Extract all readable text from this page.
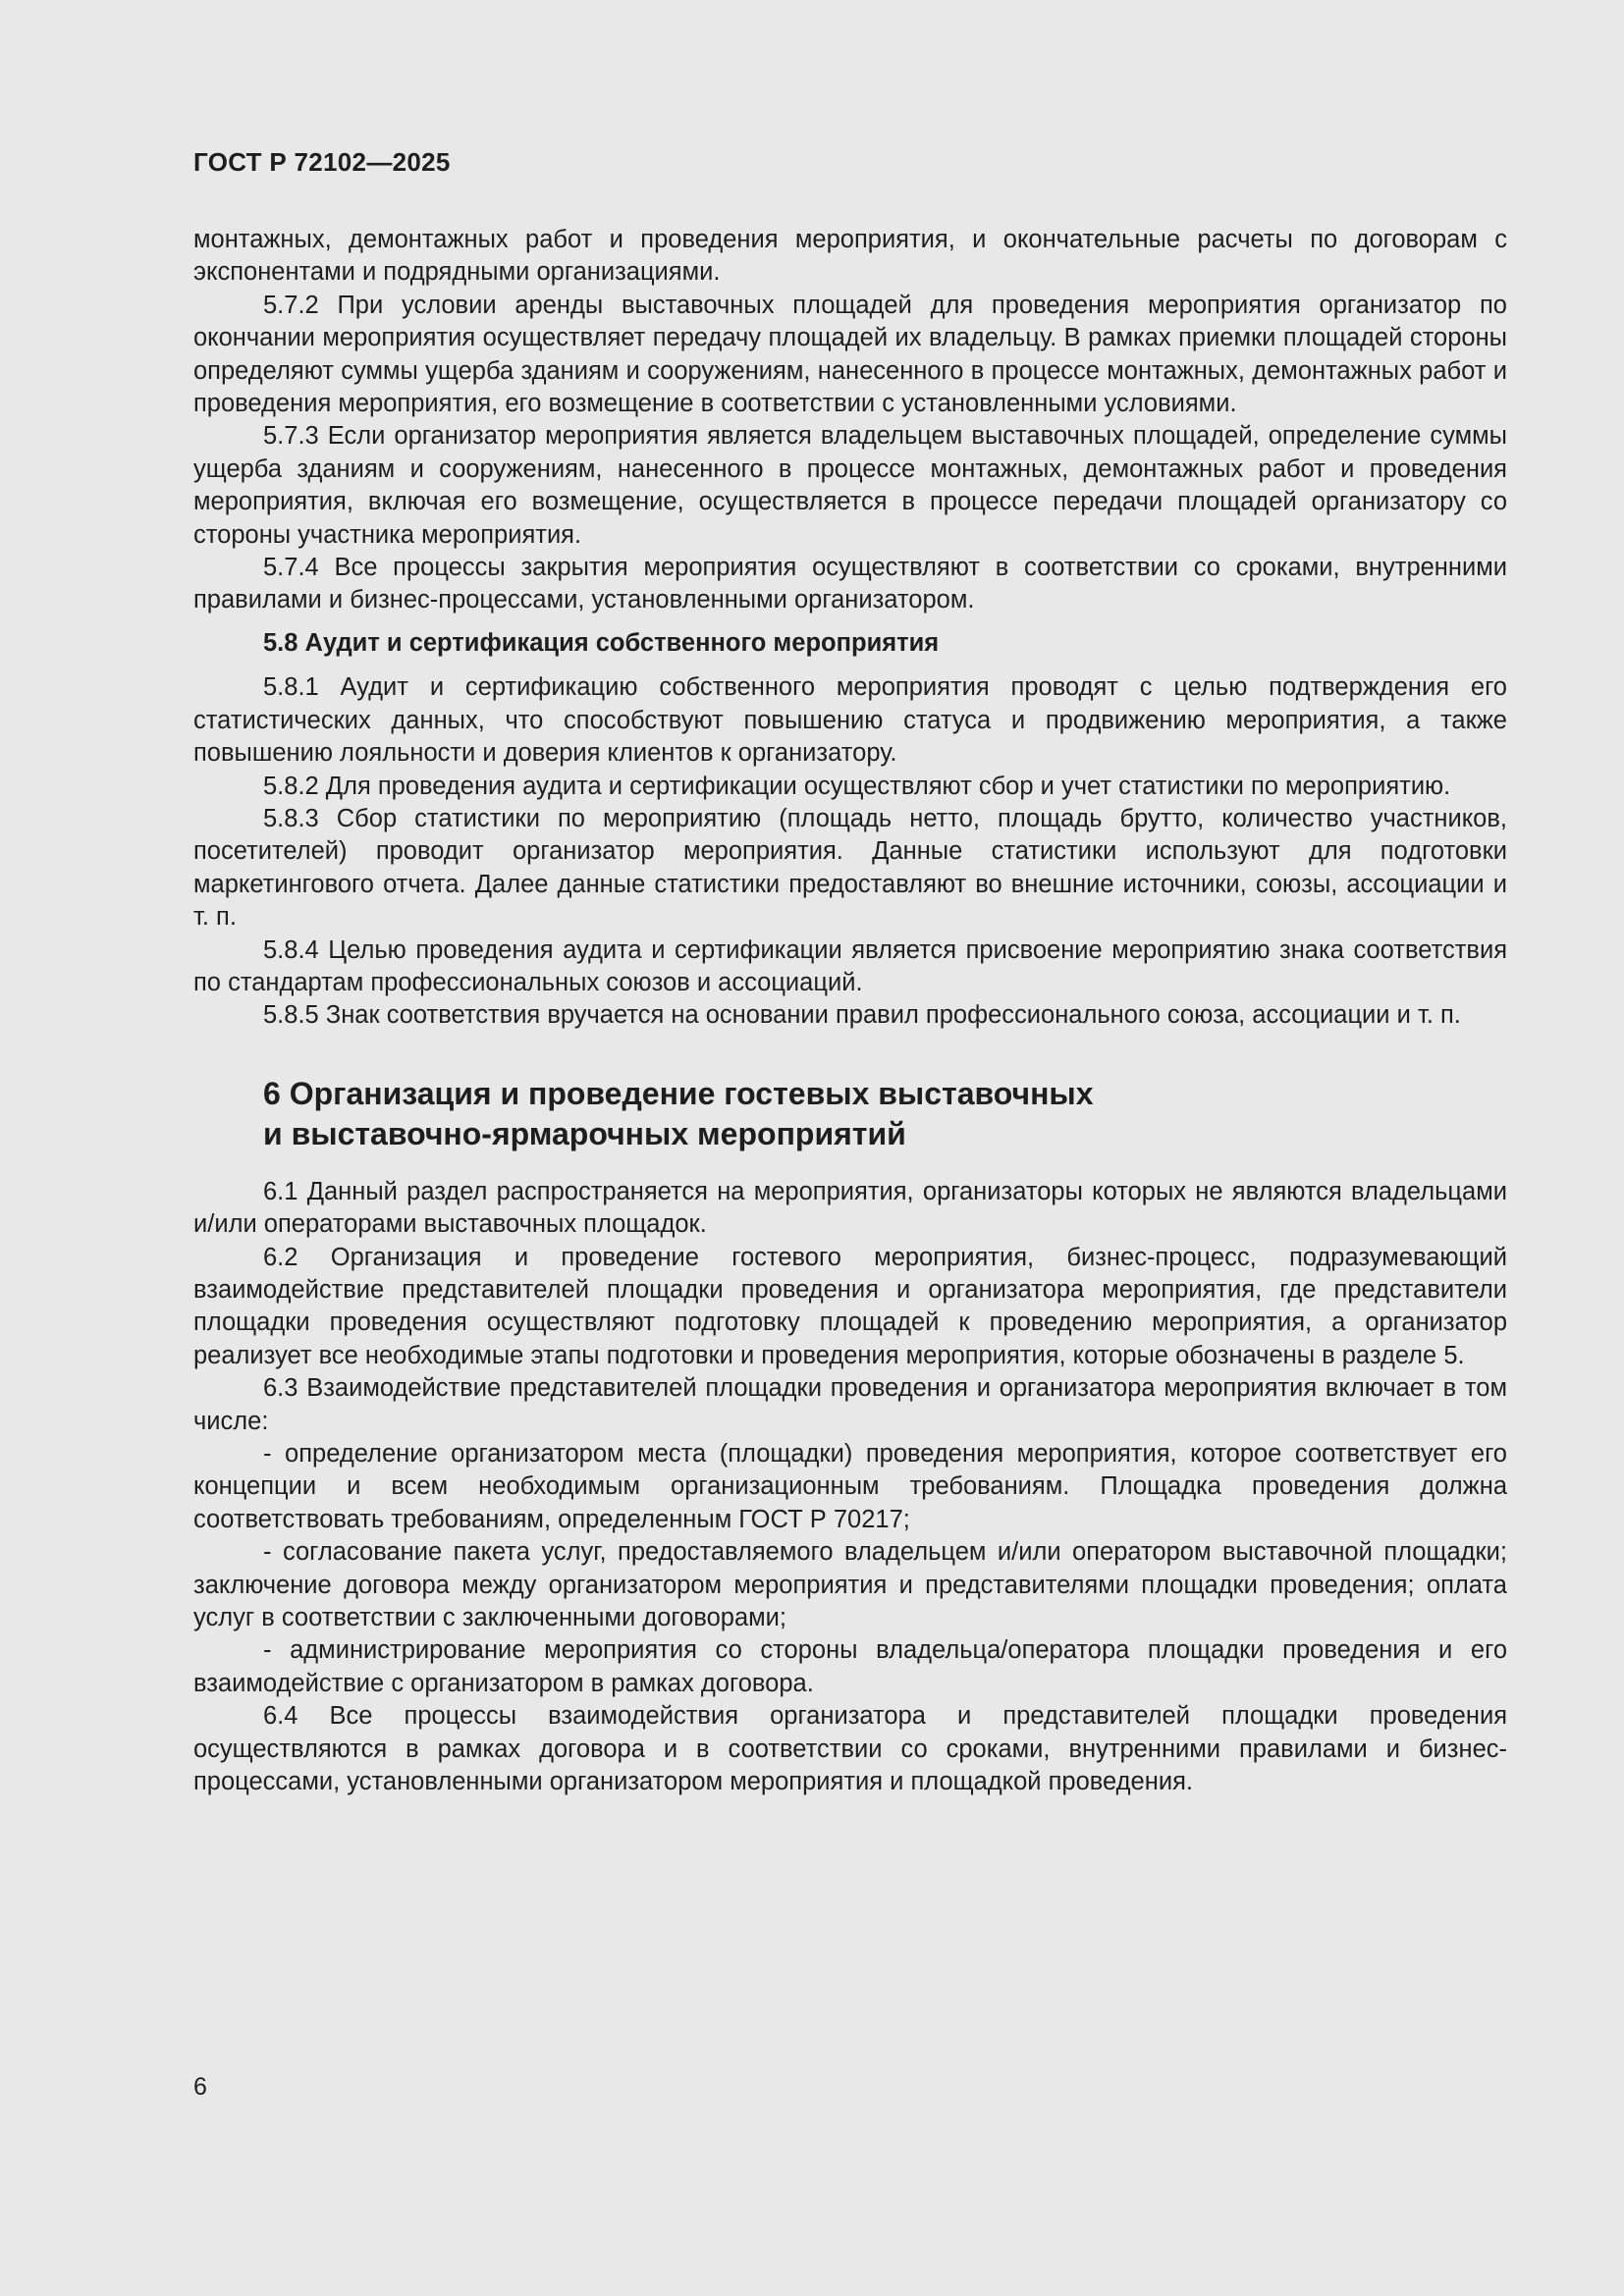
ГОСТ Р 72102—2025

монтажных, демонтажных работ и проведения мероприятия, и окончательные расчеты по договорам с экспонентами и подрядными организациями.

5.7.2 При условии аренды выставочных площадей для проведения мероприятия организатор по окончании мероприятия осуществляет передачу площадей их владельцу. В рамках приемки площадей стороны определяют суммы ущерба зданиям и сооружениям, нанесенного в процессе монтажных, демонтажных работ и проведения мероприятия, его возмещение в соответствии с установленными условиями.

5.7.3 Если организатор мероприятия является владельцем выставочных площадей, определение суммы ущерба зданиям и сооружениям, нанесенного в процессе монтажных, демонтажных работ и проведения мероприятия, включая его возмещение, осуществляется в процессе передачи площадей организатору со стороны участника мероприятия.

5.7.4 Все процессы закрытия мероприятия осуществляют в соответствии со сроками, внутренними правилами и бизнес-процессами, установленными организатором.

5.8 Аудит и сертификация собственного мероприятия

5.8.1 Аудит и сертификацию собственного мероприятия проводят с целью подтверждения его статистических данных, что способствуют повышению статуса и продвижению мероприятия, а также повышению лояльности и доверия клиентов к организатору.

5.8.2 Для проведения аудита и сертификации осуществляют сбор и учет статистики по мероприятию.

5.8.3 Сбор статистики по мероприятию (площадь нетто, площадь брутто, количество участников, посетителей) проводит организатор мероприятия. Данные статистики используют для подготовки маркетингового отчета. Далее данные статистики предоставляют во внешние источники, союзы, ассоциации и т. п.

5.8.4 Целью проведения аудита и сертификации является присвоение мероприятию знака соответствия по стандартам профессиональных союзов и ассоциаций.

5.8.5 Знак соответствия вручается на основании правил профессионального союза, ассоциации и т. п.

6 Организация и проведение гостевых выставочных
и выставочно-ярмарочных мероприятий

6.1 Данный раздел распространяется на мероприятия, организаторы которых не являются владельцами и/или операторами выставочных площадок.

6.2 Организация и проведение гостевого мероприятия, бизнес-процесс, подразумевающий взаимодействие представителей площадки проведения и организатора мероприятия, где представители площадки проведения осуществляют подготовку площадей к проведению мероприятия, а организатор реализует все необходимые этапы подготовки и проведения мероприятия, которые обозначены в разделе 5.

6.3 Взаимодействие представителей площадки проведения и организатора мероприятия включает в том числе:

- определение организатором места (площадки) проведения мероприятия, которое соответствует его концепции и всем необходимым организационным требованиям. Площадка проведения должна соответствовать требованиям, определенным ГОСТ Р 70217;

- согласование пакета услуг, предоставляемого владельцем и/или оператором выставочной площадки; заключение договора между организатором мероприятия и представителями площадки проведения; оплата услуг в соответствии с заключенными договорами;

- администрирование мероприятия со стороны владельца/оператора площадки проведения и его взаимодействие с организатором в рамках договора.

6.4 Все процессы взаимодействия организатора и представителей площадки проведения осуществляются в рамках договора и в соответствии со сроками, внутренними правилами и бизнес-процессами, установленными организатором мероприятия и площадкой проведения.

6
